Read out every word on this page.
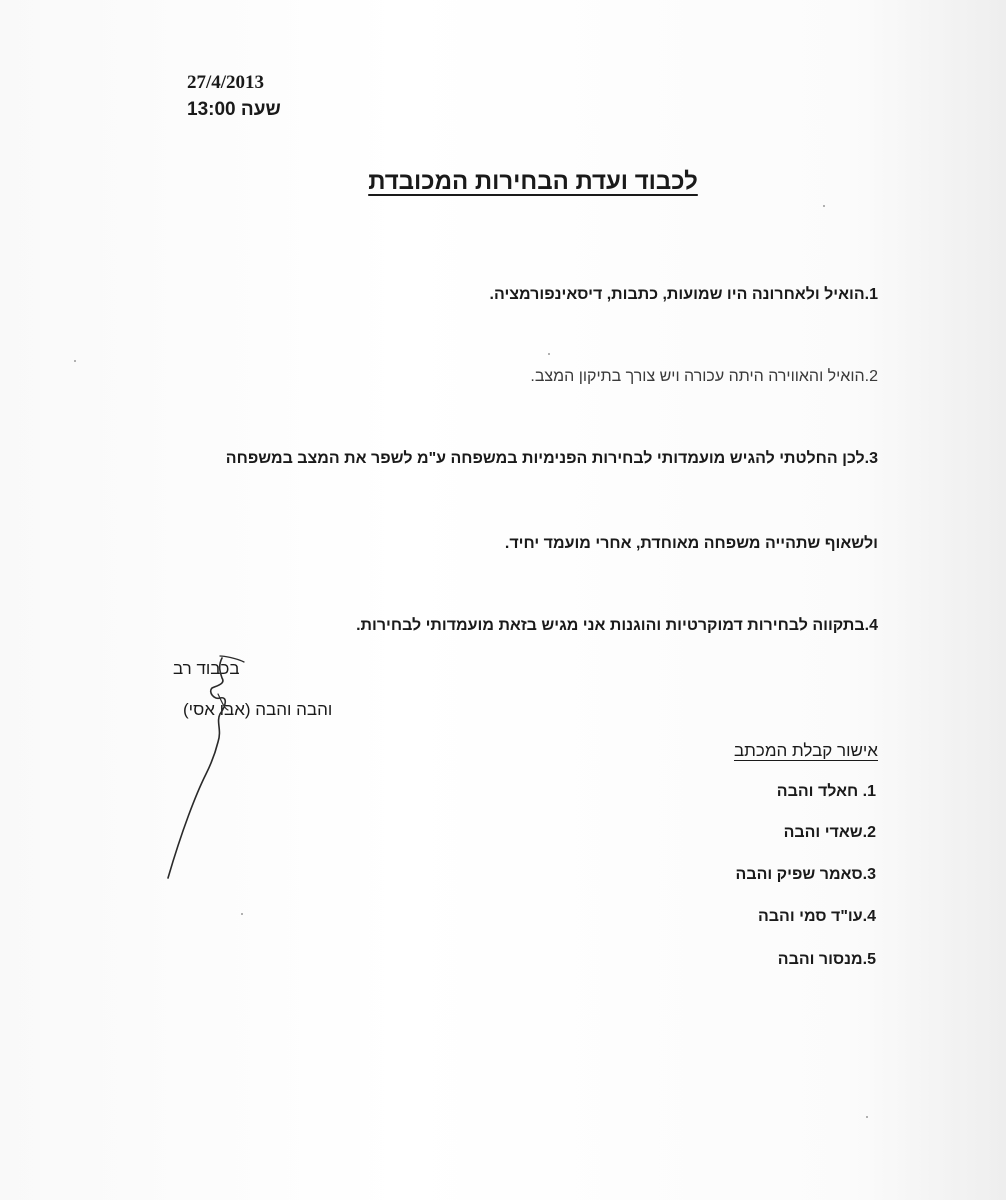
27/4/2013
שעה 13:00
לכבוד ועדת הבחירות המכובדת
1.הואיל ולאחרונה היו שמועות, כתבות, דיסאינפורמציה.
2.הואיל והאווירה היתה עכורה ויש צורך בתיקון המצב.
3.לכן החלטתי להגיש מועמדותי לבחירות הפנימיות במשפחה ע"מ לשפר את המצב במשפחה
ולשאוף שתהייה משפחה מאוחדת, אחרי מועמד יחיד.
4.בתקווה לבחירות דמוקרטיות והוגנות אני מגיש בזאת מועמדותי לבחירות.
בכבוד רב
והבה והבה (אבו אסי)
אישור קבלת המכתב
1. חאלד והבה
2.שאדי והבה
3.סאמר שפיק והבה
4.עו"ד סמי והבה
5.מנסור והבה
